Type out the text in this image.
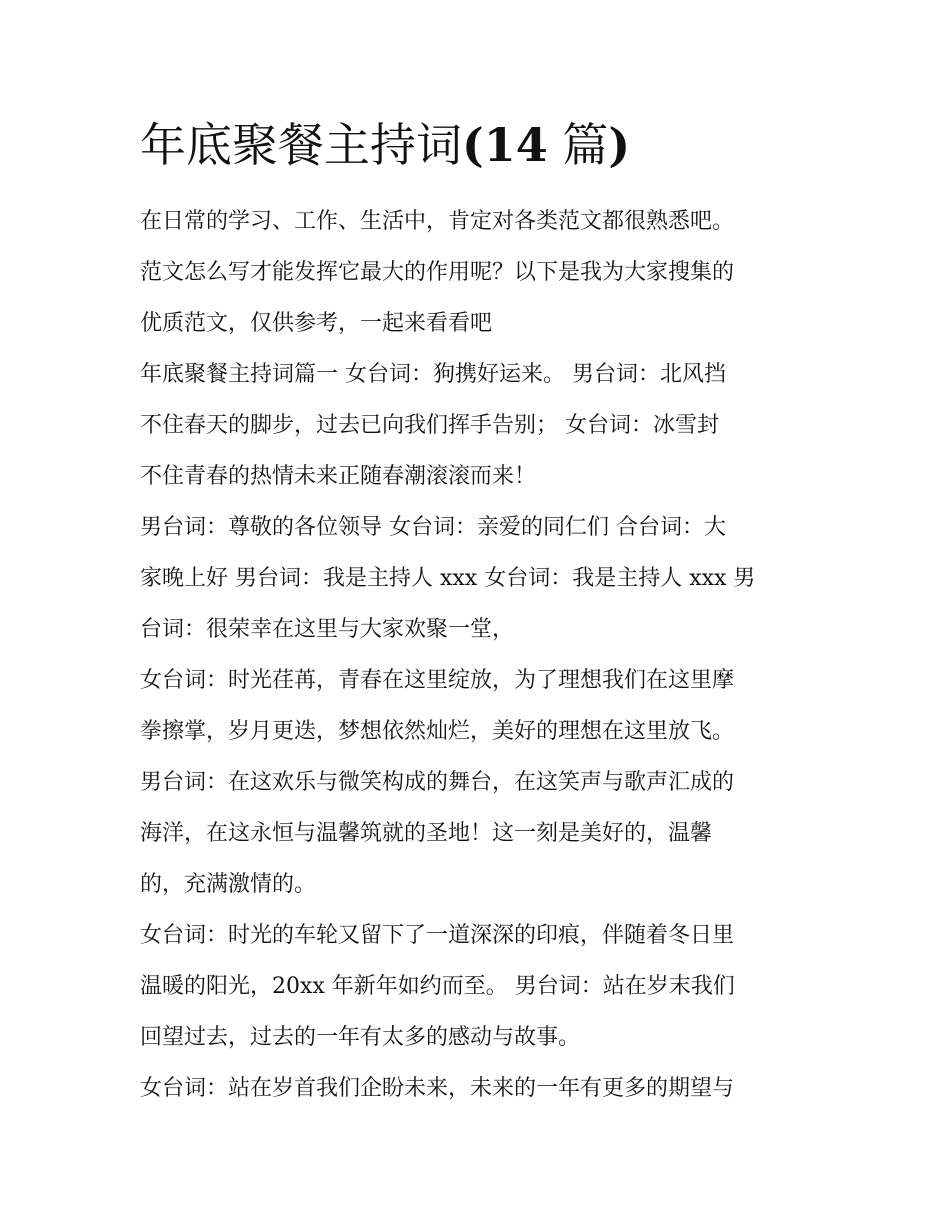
年底聚餐主持词(14 篇)
在日常的学习、工作、生活中，肯定对各类范文都很熟悉吧。
范文怎么写才能发挥它最大的作用呢？以下是我为大家搜集的
优质范文，仅供参考，一起来看看吧
年底聚餐主持词篇一 女台词：狗携好运来。 男台词：北风挡
不住春天的脚步，过去已向我们挥手告别； 女台词：冰雪封
不住青春的热情未来正随春潮滚滚而来！
男台词：尊敬的各位领导 女台词：亲爱的同仁们 合台词：大
家晚上好 男台词：我是主持人 xxx 女台词：我是主持人 xxx 男
台词：很荣幸在这里与大家欢聚一堂，
女台词：时光荏苒，青春在这里绽放，为了理想我们在这里摩
拳擦掌，岁月更迭，梦想依然灿烂，美好的理想在这里放飞。
男台词：在这欢乐与微笑构成的舞台，在这笑声与歌声汇成的
海洋，在这永恒与温馨筑就的圣地！这一刻是美好的，温馨
的，充满激情的。
女台词：时光的车轮又留下了一道深深的印痕，伴随着冬日里
温暖的阳光，20xx 年新年如约而至。 男台词：站在岁末我们
回望过去，过去的一年有太多的感动与故事。
女台词：站在岁首我们企盼未来，未来的一年有更多的期望与
